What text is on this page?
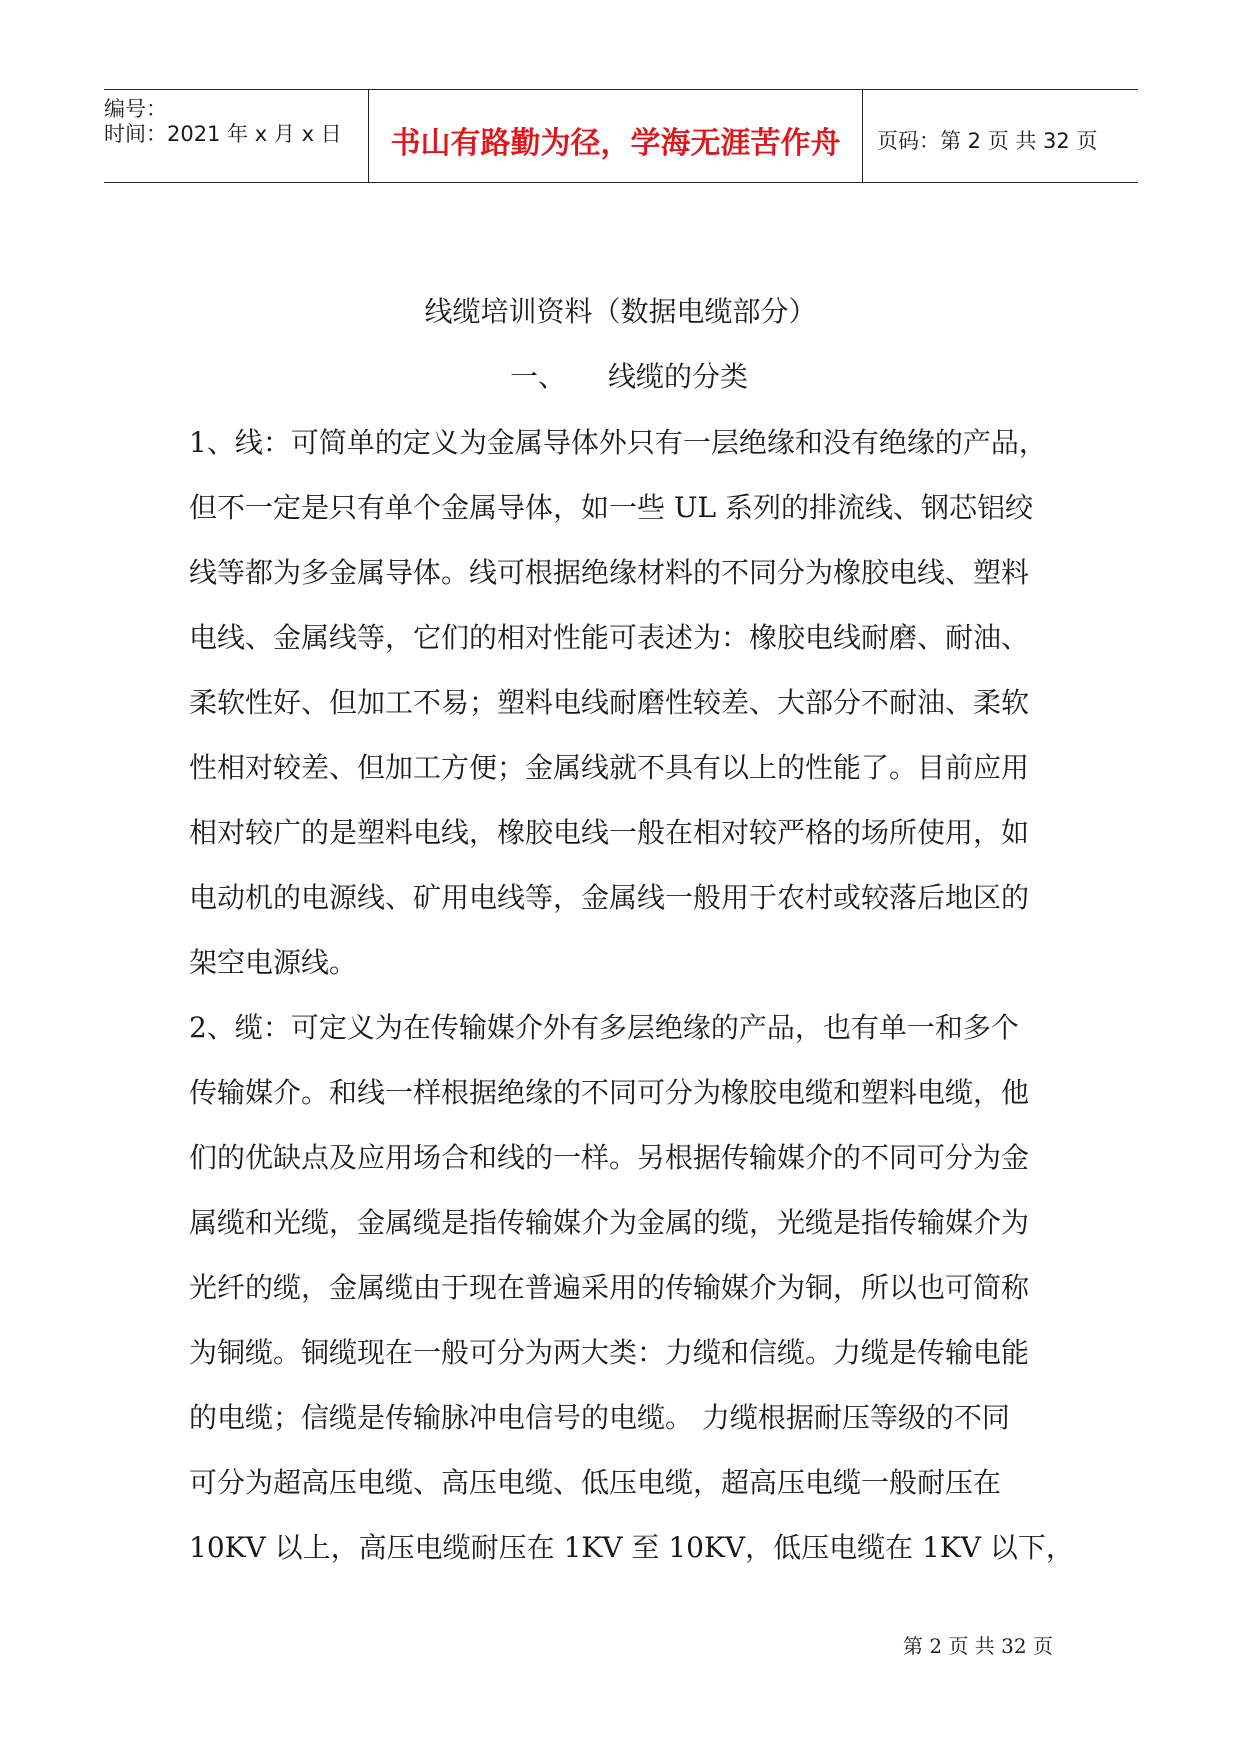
编号：
时间：2021 年 x 月 x 日	书山有路勤为径，学海无涯苦作舟	页码：第 2 页 共 32 页
线缆培训资料（数据电缆部分）
一、 线缆的分类
1、线：可简单的定义为金属导体外只有一层绝缘和没有绝缘的产品，
但不一定是只有单个金属导体，如一些 UL 系列的排流线、钢芯铝绞
线等都为多金属导体。线可根据绝缘材料的不同分为橡胶电线、塑料
电线、金属线等，它们的相对性能可表述为：橡胶电线耐磨、耐油、
柔软性好、但加工不易；塑料电线耐磨性较差、大部分不耐油、柔软
性相对较差、但加工方便；金属线就不具有以上的性能了。目前应用
相对较广的是塑料电线，橡胶电线一般在相对较严格的场所使用，如
电动机的电源线、矿用电线等，金属线一般用于农村或较落后地区的
架空电源线。
2、缆：可定义为在传输媒介外有多层绝缘的产品，也有单一和多个
传输媒介。和线一样根据绝缘的不同可分为橡胶电缆和塑料电缆，他
们的优缺点及应用场合和线的一样。另根据传输媒介的不同可分为金
属缆和光缆，金属缆是指传输媒介为金属的缆，光缆是指传输媒介为
光纤的缆，金属缆由于现在普遍采用的传输媒介为铜，所以也可简称
为铜缆。铜缆现在一般可分为两大类：力缆和信缆。力缆是传输电能
的电缆；信缆是传输脉冲电信号的电缆。 力缆根据耐压等级的不同
可分为超高压电缆、高压电缆、低压电缆，超高压电缆一般耐压在
10KV 以上，高压电缆耐压在 1KV 至 10KV，低压电缆在 1KV 以下，
第 2 页 共 32 页
